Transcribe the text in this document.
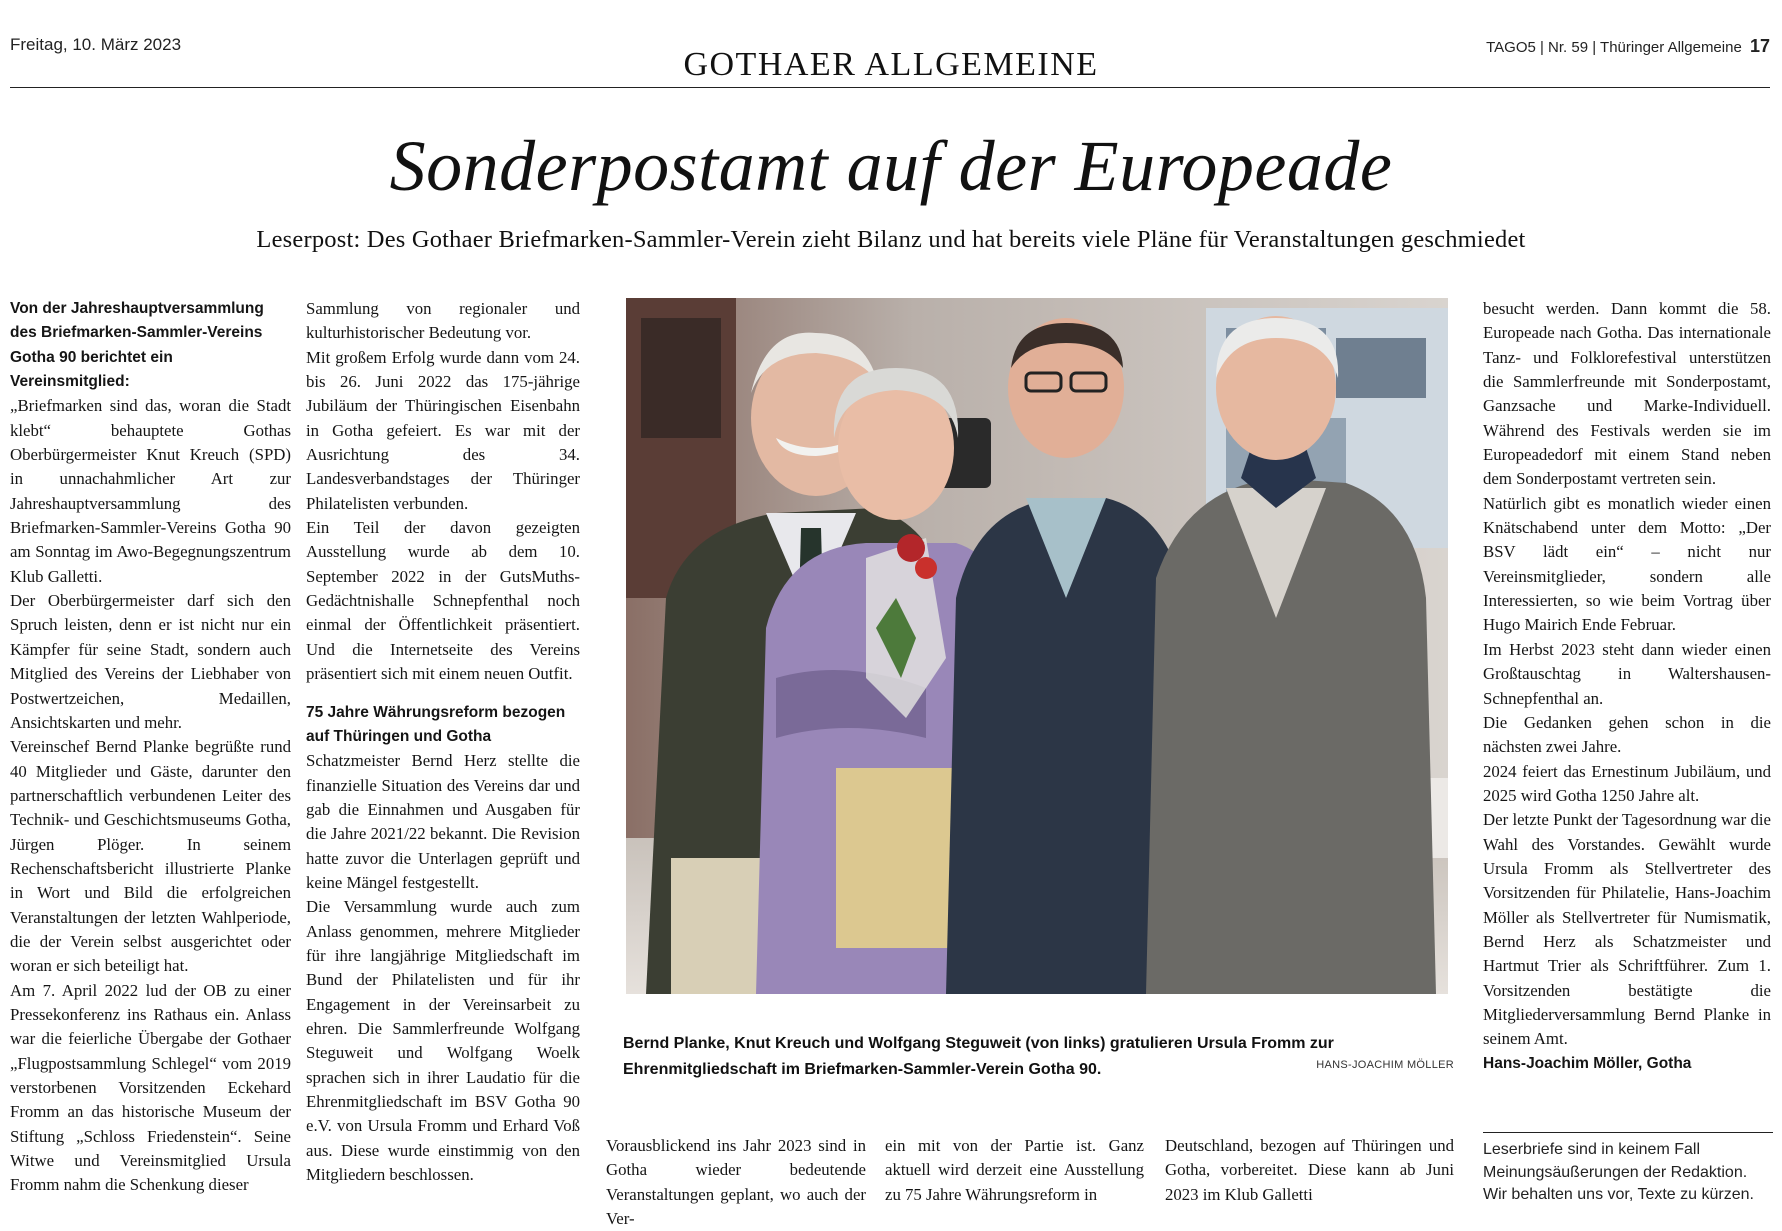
Freitag, 10. März 2023
GOTHAER ALLGEMEINE	TAGO5 | Nr. 59 | Thüringer Allgemeine 17
Sonderpostamt auf der Europeade
Leserpost: Des Gothaer Briefmarken-Sammler-Verein zieht Bilanz und hat bereits viele Pläne für Veranstaltungen geschmiedet

Von der Jahreshauptversammlung des Briefmarken-Sammler-Vereins Gotha 90 berichtet ein Vereinsmitglied:

„Briefmarken sind das, woran die Stadt klebt“ behauptete Gothas Oberbürgermeister Knut Kreuch (SPD) in unnachahmlicher Art zur Jahreshauptversammlung des Briefmarken-Sammler-Vereins Gotha 90 am Sonntag im Awo-Begegnungszentrum Klub Galletti.

Der Oberbürgermeister darf sich den Spruch leisten, denn er ist nicht nur ein Kämpfer für seine Stadt, sondern auch Mitglied des Vereins der Liebhaber von Postwertzeichen, Medaillen, Ansichtskarten und mehr.

Vereinschef Bernd Planke begrüßte rund 40 Mitglieder und Gäste, darunter den partnerschaftlich verbundenen Leiter des Technik- und Geschichtsmuseums Gotha, Jürgen Plöger. In seinem Rechenschaftsbericht illustrierte Planke in Wort und Bild die erfolgreichen Veranstaltungen der letzten Wahlperiode, die der Verein selbst ausgerichtet oder woran er sich beteiligt hat.

Am 7. April 2022 lud der OB zu einer Pressekonferenz ins Rathaus ein. Anlass war die feierliche Übergabe der Gothaer „Flugpostsammlung Schlegel“ vom 2019 verstorbenen Vorsitzenden Eckehard Fromm an das historische Museum der Stiftung „Schloss Friedenstein“. Seine Witwe und Vereinsmitglied Ursula Fromm nahm die Schenkung dieser

Sammlung von regionaler und kulturhistorischer Bedeutung vor.

Mit großem Erfolg wurde dann vom 24. bis 26. Juni 2022 das 175-jährige Jubiläum der Thüringischen Eisenbahn in Gotha gefeiert. Es war mit der Ausrichtung des 34. Landesverbandstages der Thüringer Philatelisten verbunden.

Ein Teil der davon gezeigten Ausstellung wurde ab dem 10. September 2022 in der GutsMuths-Gedächtnishalle Schnepfenthal noch einmal der Öffentlichkeit präsentiert. Und die Internetseite des Vereins präsentiert sich mit einem neuen Outfit.

75 Jahre Währungsreform bezogen auf Thüringen und Gotha

Schatzmeister Bernd Herz stellte die finanzielle Situation des Vereins dar und gab die Einnahmen und Ausgaben für die Jahre 2021/22 bekannt. Die Revision hatte zuvor die Unterlagen geprüft und keine Mängel festgestellt.

Die Versammlung wurde auch zum Anlass genommen, mehrere Mitglieder für ihre langjährige Mitgliedschaft im Bund der Philatelisten und für ihr Engagement in der Vereinsarbeit zu ehren. Die Sammlerfreunde Wolfgang Steguweit und Wolfgang Woelk sprachen sich in ihrer Laudatio für die Ehrenmitgliedschaft im BSV Gotha 90 e.V. von Ursula Fromm und Erhard Voß aus. Diese wurde einstimmig von den Mitgliedern beschlossen.

Bernd Planke, Knut Kreuch und Wolfgang Steguweit (von links) gratulieren Ursula Fromm zur Ehrenmitgliedschaft im Briefmarken-Sammler-Verein Gotha 90.	HANS-JOACHIM MÖLLER

Vorausblickend ins Jahr 2023 sind in Gotha wieder bedeutende Veranstaltungen geplant, wo auch der Ver-

ein mit von der Partie ist. Ganz aktuell wird derzeit eine Ausstellung zu 75 Jahre Währungsreform in

Deutschland, bezogen auf Thüringen und Gotha, vorbereitet. Diese kann ab Juni 2023 im Klub Galletti

besucht werden. Dann kommt die 58. Europeade nach Gotha. Das internationale Tanz- und Folklorefestival unterstützen die Sammlerfreunde mit Sonderpostamt, Ganzsache und Marke-Individuell. Während des Festivals werden sie im Europeadedorf mit einem Stand neben dem Sonderpostamt vertreten sein.

Natürlich gibt es monatlich wieder einen Knätschabend unter dem Motto: „Der BSV lädt ein“ – nicht nur Vereinsmitglieder, sondern alle Interessierten, so wie beim Vortrag über Hugo Mairich Ende Februar.

Im Herbst 2023 steht dann wieder einen Großtauschtag in Waltershausen-Schnepfenthal an.

Die Gedanken gehen schon in die nächsten zwei Jahre.

2024 feiert das Ernestinum Jubiläum, und 2025 wird Gotha 1250 Jahre alt.

Der letzte Punkt der Tagesordnung war die Wahl des Vorstandes. Gewählt wurde Ursula Fromm als Stellvertreter des Vorsitzenden für Philatelie, Hans-Joachim Möller als Stellvertreter für Numismatik, Bernd Herz als Schatzmeister und Hartmut Trier als Schriftführer. Zum 1. Vorsitzenden bestätigte die Mitgliederversammlung Bernd Planke in seinem Amt.

Hans-Joachim Möller, Gotha

Leserbriefe sind in keinem Fall Meinungsäußerungen der Redaktion. Wir behalten uns vor, Texte zu kürzen.
